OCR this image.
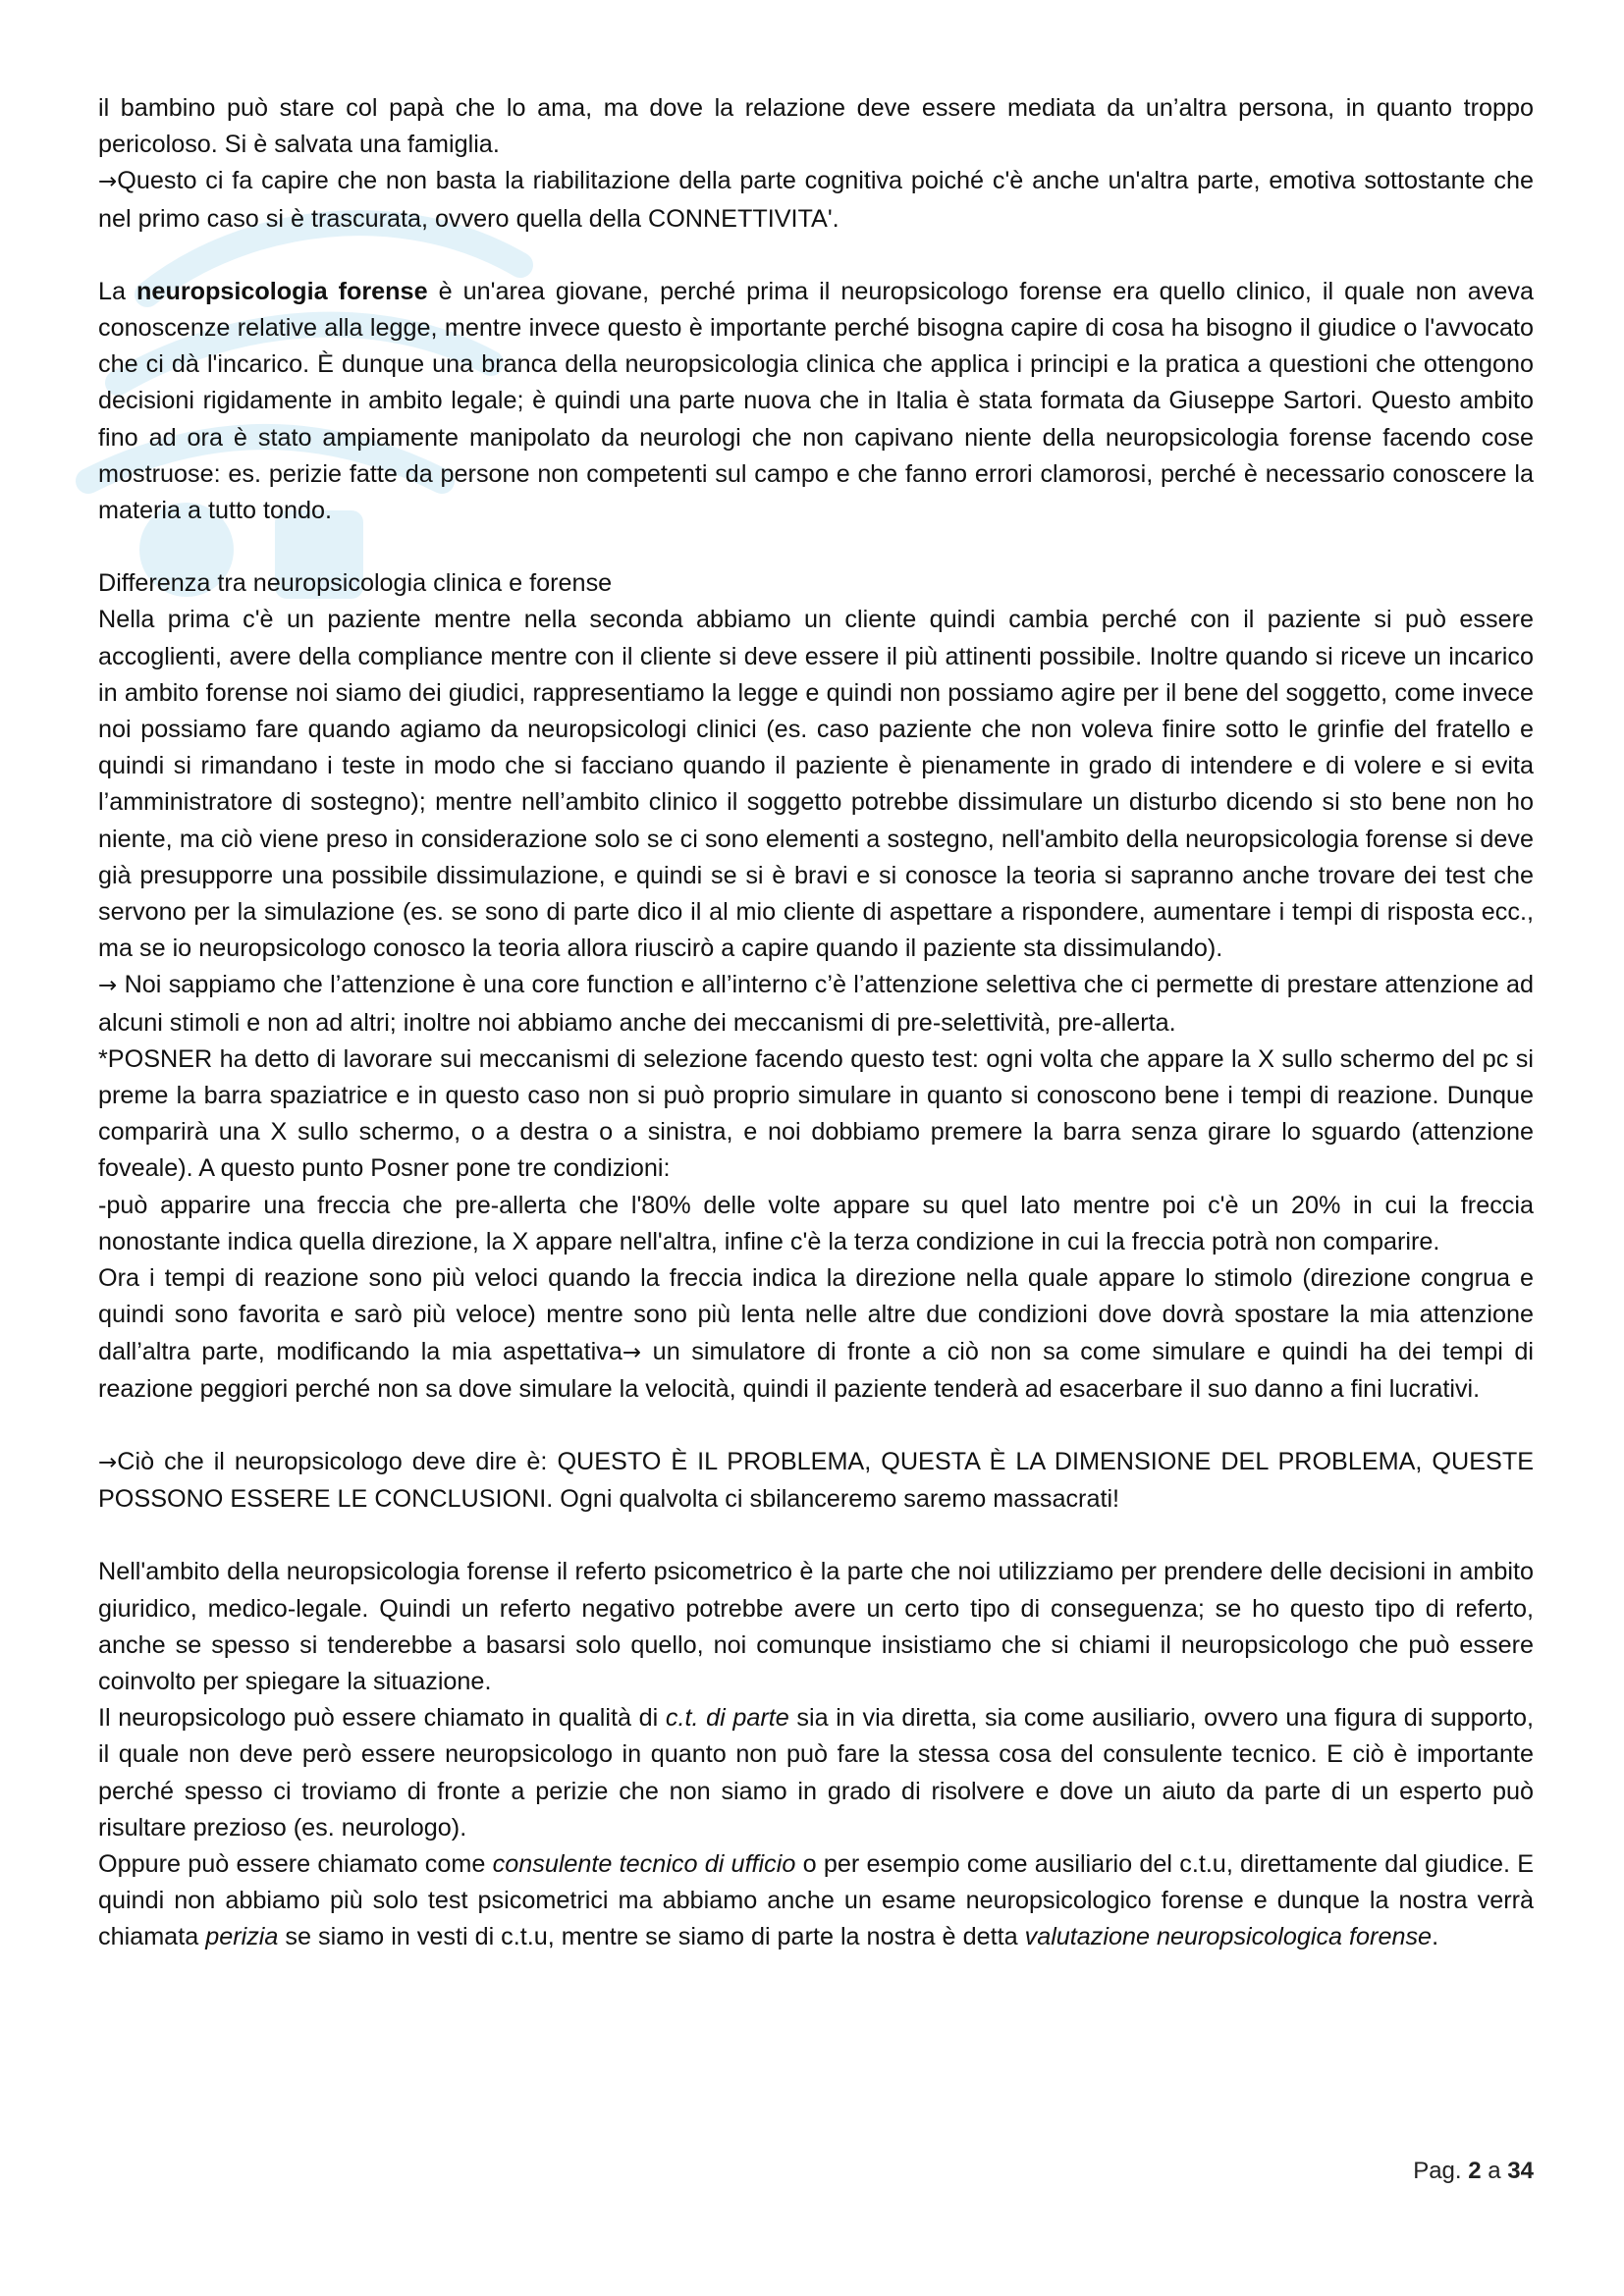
il bambino può stare col papà che lo ama, ma dove la relazione deve essere mediata da un’altra persona, in quanto troppo pericoloso. Si è salvata una famiglia.
→Questo ci fa capire che non basta la riabilitazione della parte cognitiva poiché c'è anche un'altra parte, emotiva sottostante che nel primo caso si è trascurata, ovvero quella della CONNETTIVITA'.

La neuropsicologia forense è un'area giovane, perché prima il neuropsicologo forense era quello clinico, il quale non aveva conoscenze relative alla legge, mentre invece questo è importante perché bisogna capire di cosa ha bisogno il giudice o l'avvocato che ci dà l'incarico. È dunque una branca della neuropsicologia clinica che applica i principi e la pratica a questioni che ottengono decisioni rigidamente in ambito legale; è quindi una parte nuova che in Italia è stata formata da Giuseppe Sartori. Questo ambito fino ad ora è stato ampiamente manipolato da neurologi che non capivano niente della neuropsicologia forense facendo cose mostruose: es. perizie fatte da persone non competenti sul campo e che fanno errori clamorosi, perché è necessario conoscere la materia a tutto tondo.

Differenza tra neuropsicologia clinica e forense

Nella prima c'è un paziente mentre nella seconda abbiamo un cliente quindi cambia perché con il paziente si può essere accoglienti, avere della compliance mentre con il cliente si deve essere il più attinenti possibile. Inoltre quando si riceve un incarico in ambito forense noi siamo dei giudici, rappresentiamo la legge e quindi non possiamo agire per il bene del soggetto, come invece noi possiamo fare quando agiamo da neuropsicologi clinici (es. caso paziente che non voleva finire sotto le grinfie del fratello e quindi si rimandano i teste in modo che si facciano quando il paziente è pienamente in grado di intendere e di volere e si evita l’amministratore di sostegno); mentre nell’ambito clinico il soggetto potrebbe dissimulare un disturbo dicendo si sto bene non ho niente, ma ciò viene preso in considerazione solo se ci sono elementi a sostegno, nell'ambito della neuropsicologia forense si deve già presupporre una possibile dissimulazione, e quindi se si è bravi e si conosce la teoria si sapranno anche trovare dei test che servono per la simulazione (es. se sono di parte dico il al mio cliente di aspettare a rispondere, aumentare i tempi di risposta ecc., ma se io neuropsicologo conosco la teoria allora riuscirò a capire quando il paziente sta dissimulando).

→ Noi sappiamo che l’attenzione è una core function e all’interno c’è l’attenzione selettiva che ci permette di prestare attenzione ad alcuni stimoli e non ad altri; inoltre noi abbiamo anche dei meccanismi di pre-selettività, pre-allerta.

*POSNER ha detto di lavorare sui meccanismi di selezione facendo questo test: ogni volta che appare la X sullo schermo del pc si preme la barra spaziatrice e in questo caso non si può proprio simulare in quanto si conoscono bene i tempi di reazione. Dunque comparirà una X sullo schermo, o a destra o a sinistra, e noi dobbiamo premere la barra senza girare lo sguardo (attenzione foveale). A questo punto Posner pone tre condizioni:

-può apparire una freccia che pre-allerta che l'80% delle volte appare su quel lato mentre poi c'è un 20% in cui la freccia nonostante indica quella direzione, la X appare nell'altra, infine c'è la terza condizione in cui la freccia potrà non comparire.

Ora i tempi di reazione sono più veloci quando la freccia indica la direzione nella quale appare lo stimolo (direzione congrua e quindi sono favorita e sarò più veloce) mentre sono più lenta nelle altre due condizioni dove dovrà spostare la mia attenzione dall’altra parte, modificando la mia aspettativa→ un simulatore di fronte a ciò non sa come simulare e quindi ha dei tempi di reazione peggiori perché non sa dove simulare la velocità, quindi il paziente tenderà ad esacerbare il suo danno a fini lucrativi.

→Ciò che il neuropsicologo deve dire è: QUESTO È IL PROBLEMA, QUESTA È LA DIMENSIONE DEL PROBLEMA, QUESTE POSSONO ESSERE LE CONCLUSIONI. Ogni qualvolta ci sbilanceremo saremo massacrati!

Nell'ambito della neuropsicologia forense il referto psicometrico è la parte che noi utilizziamo per prendere delle decisioni in ambito giuridico, medico-legale. Quindi un referto negativo potrebbe avere un certo tipo di conseguenza; se ho questo tipo di referto, anche se spesso si tenderebbe a basarsi solo quello, noi comunque insistiamo che si chiami il neuropsicologo che può essere coinvolto per spiegare la situazione.

Il neuropsicologo può essere chiamato in qualità di c.t. di parte sia in via diretta, sia come ausiliario, ovvero una figura di supporto, il quale non deve però essere neuropsicologo in quanto non può fare la stessa cosa del consulente tecnico. E ciò è importante perché spesso ci troviamo di fronte a perizie che non siamo in grado di risolvere e dove un aiuto da parte di un esperto può risultare prezioso (es. neurologo).

Oppure può essere chiamato come consulente tecnico di ufficio o per esempio come ausiliario del c.t.u, direttamente dal giudice. E quindi non abbiamo più solo test psicometrici ma abbiamo anche un esame neuropsicologico forense e dunque la nostra verrà chiamata perizia se siamo in vesti di c.t.u, mentre se siamo di parte la nostra è detta valutazione neuropsicologica forense.

Pag. 2 a 34
